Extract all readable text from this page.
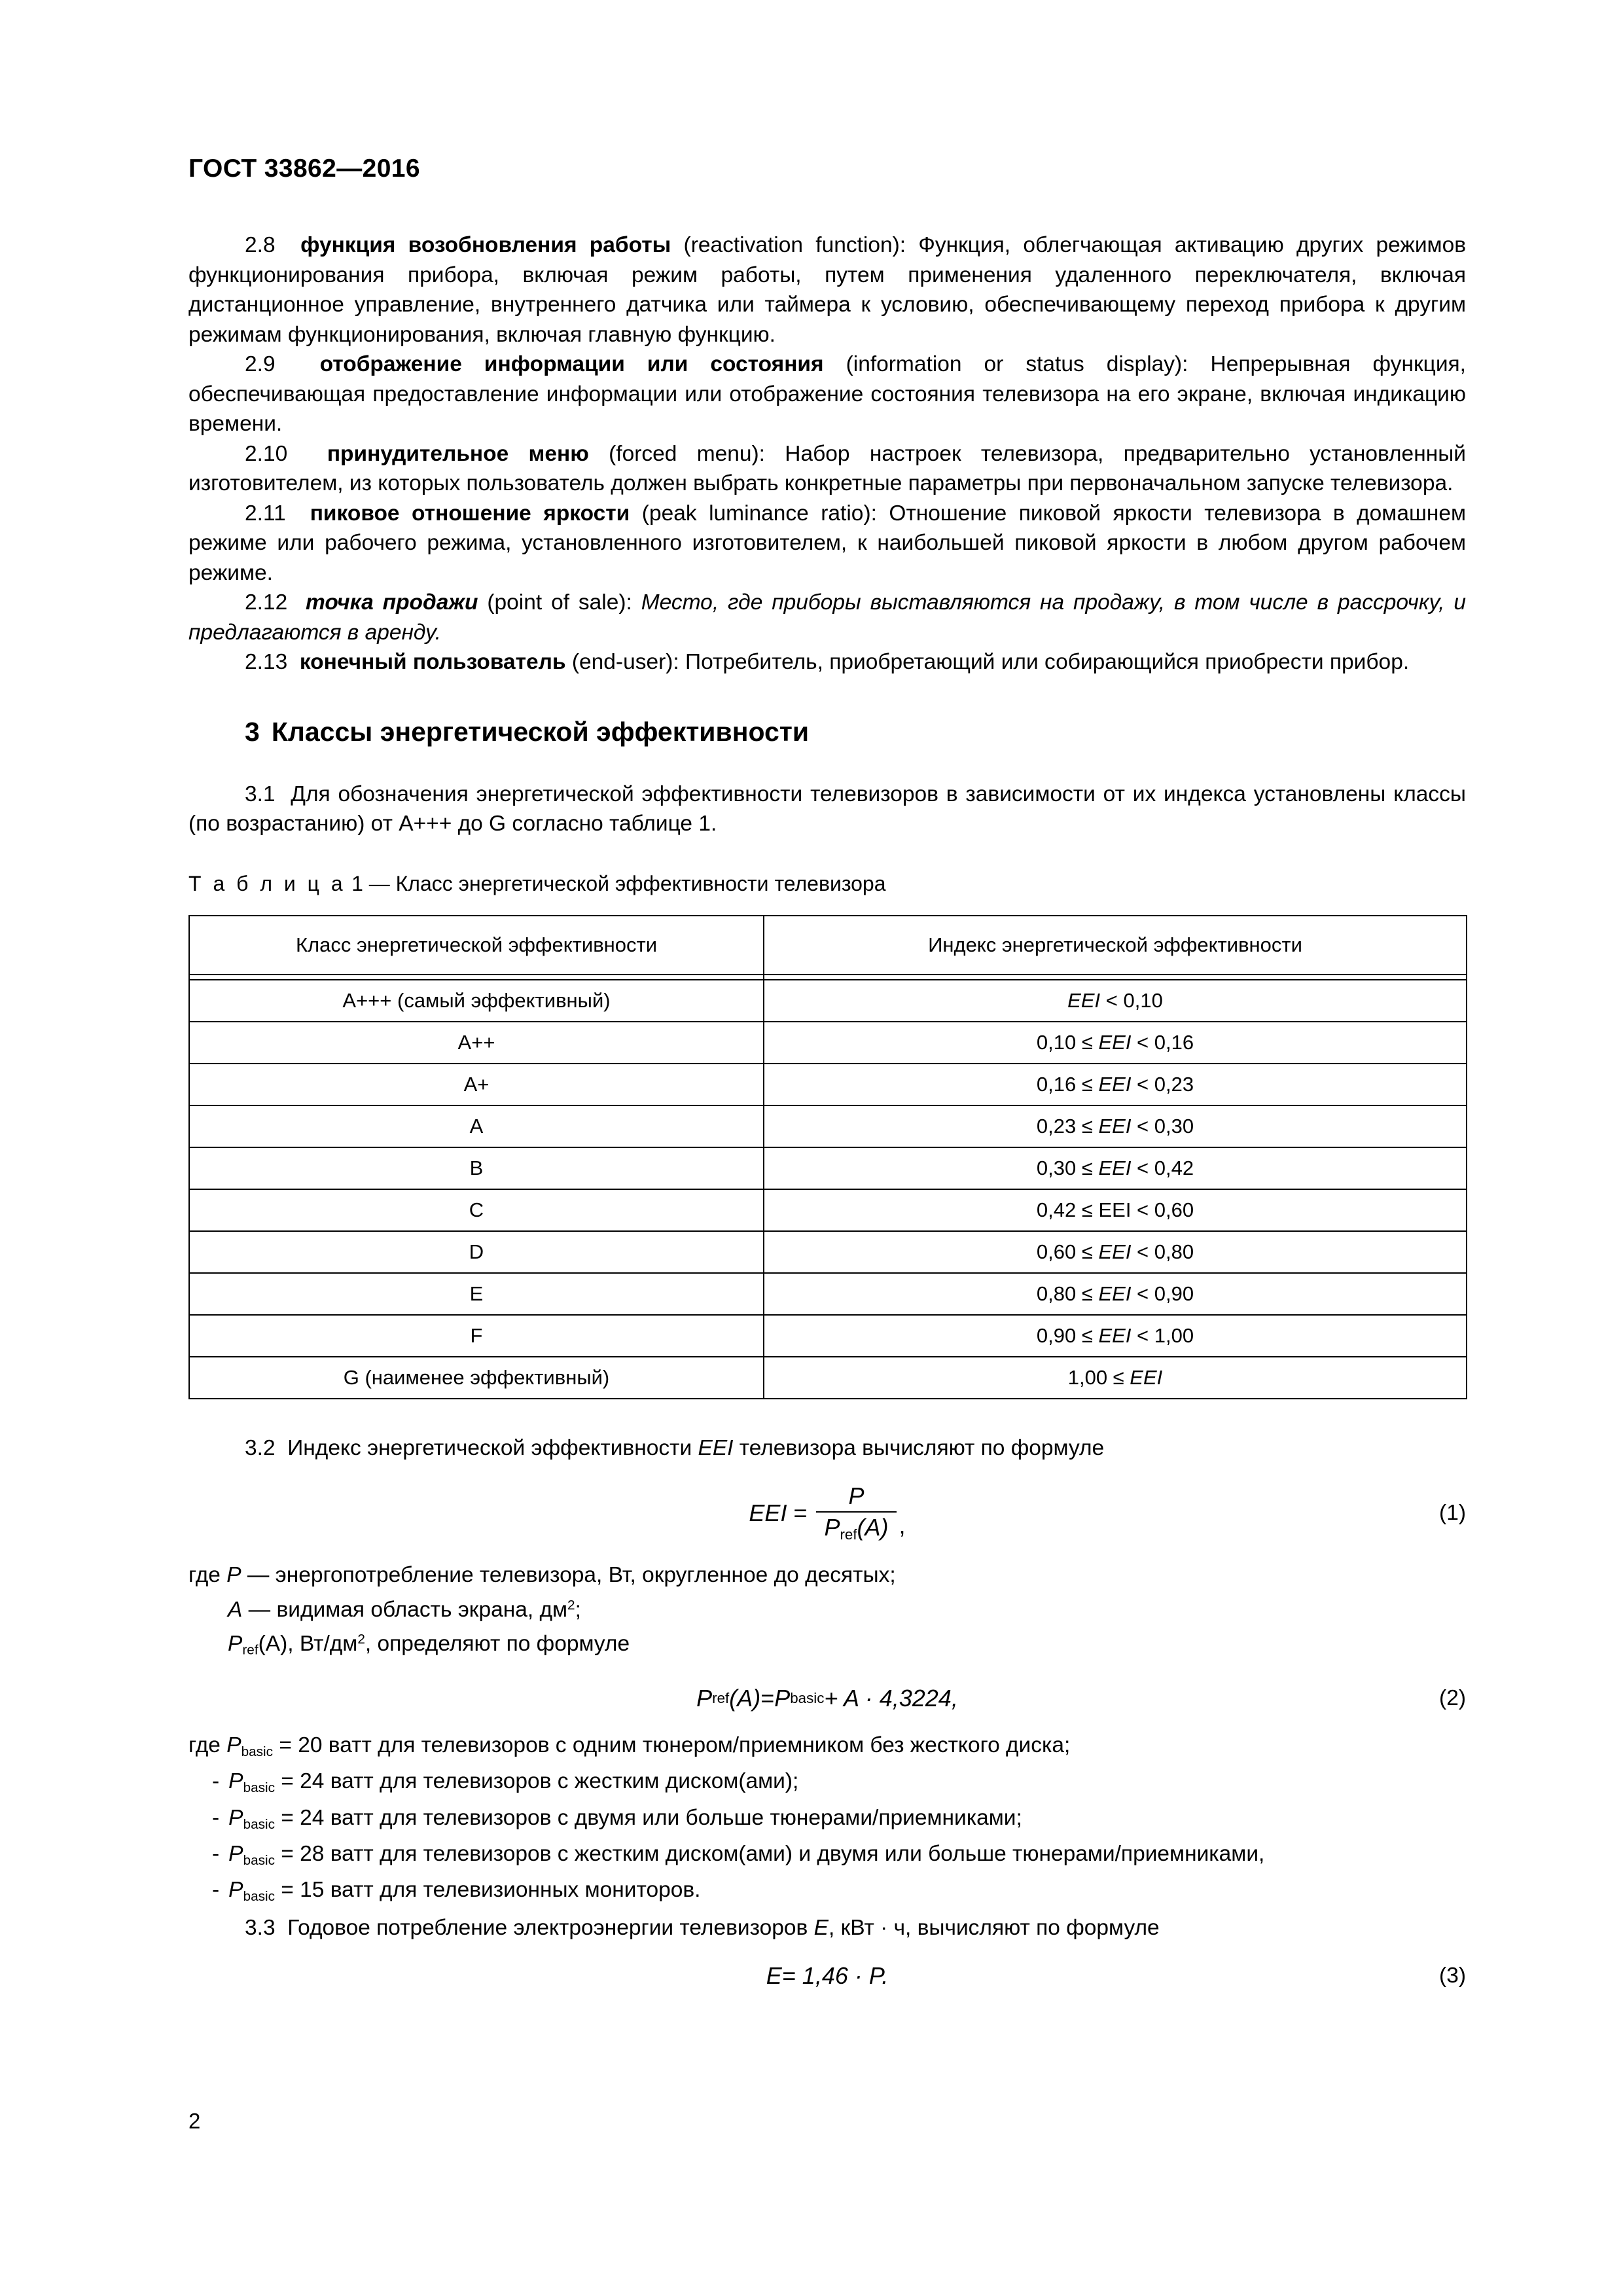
ГОСТ 33862—2016

2.8 функция возобновления работы (reactivation function): Функция, облегчающая активацию других режимов функционирования прибора, включая режим работы, путем применения удаленного переключателя, включая дистанционное управление, внутреннего датчика или таймера к условию, обеспечивающему переход прибора к другим режимам функционирования, включая главную функцию.

2.9 отображение информации или состояния (information or status display): Непрерывная функция, обеспечивающая предоставление информации или отображение состояния телевизора на его экране, включая индикацию времени.

2.10 принудительное меню (forced menu): Набор настроек телевизора, предварительно установленный изготовителем, из которых пользователь должен выбрать конкретные параметры при первоначальном запуске телевизора.

2.11 пиковое отношение яркости (peak luminance ratio): Отношение пиковой яркости телевизора в домашнем режиме или рабочего режима, установленного изготовителем, к наибольшей пиковой яркости в любом другом рабочем режиме.

2.12 точка продажи (point of sale): Место, где приборы выставляются на продажу, в том числе в рассрочку, и предлагаются в аренду.

2.13 конечный пользователь (end-user): Потребитель, приобретающий или собирающийся приобрести прибор.

3 Классы энергетической эффективности

3.1 Для обозначения энергетической эффективности телевизоров в зависимости от их индекса установлены классы (по возрастанию) от А+++ до G согласно таблице 1.

Т а б л и ц а 1 — Класс энергетической эффективности телевизора

Класс энергетической эффективности	Индекс энергетической эффективности

А+++ (самый эффективный)	EEI < 0,10
А++	0,10 ≤ EEI < 0,16
А+	0,16 ≤ EEI < 0,23
А	0,23 ≤ EEI < 0,30
В	0,30 ≤ EEI < 0,42
С	0,42 ≤ EEI < 0,60
D	0,60 ≤ EEI < 0,80
E	0,80 ≤ EEI < 0,90
F	0,90 ≤ EEI < 1,00
G (наименее эффективный)	1,00 ≤ EEI

3.2 Индекс энергетической эффективности EEI телевизора вычисляют по формуле

EEI = $\frac{P}{P_{ref}(A)}$ ,	(1)

где P — энергопотребление телевизора, Вт, округленное до десятых;

A — видимая область экрана, $дм^2$;

$P_{ref}(A)$, $Вт/дм^2$, определяют по формуле

P ref (A) = P basic + A · 4,3224,	(2)

где $P_{basic} = 20$ ватт для телевизоров с одним тюнером/приемником без жесткого диска;

- $P_{basic} = 24$ ватт для телевизоров с жестким диском(ами);

- $P_{basic} = 24$ ватт для телевизоров с двумя или больше тюнерами/приемниками;

- $P_{basic} = 28$ ватт для телевизоров с жестким диском(ами) и двумя или больше тюнерами/приемниками,

- $P_{basic} = 15$ ватт для телевизионных мониторов.

3.3 Годовое потребление электроэнергии телевизоров E, кВт · ч, вычисляют по формуле

E = 1,46 · P.	(3)
2
